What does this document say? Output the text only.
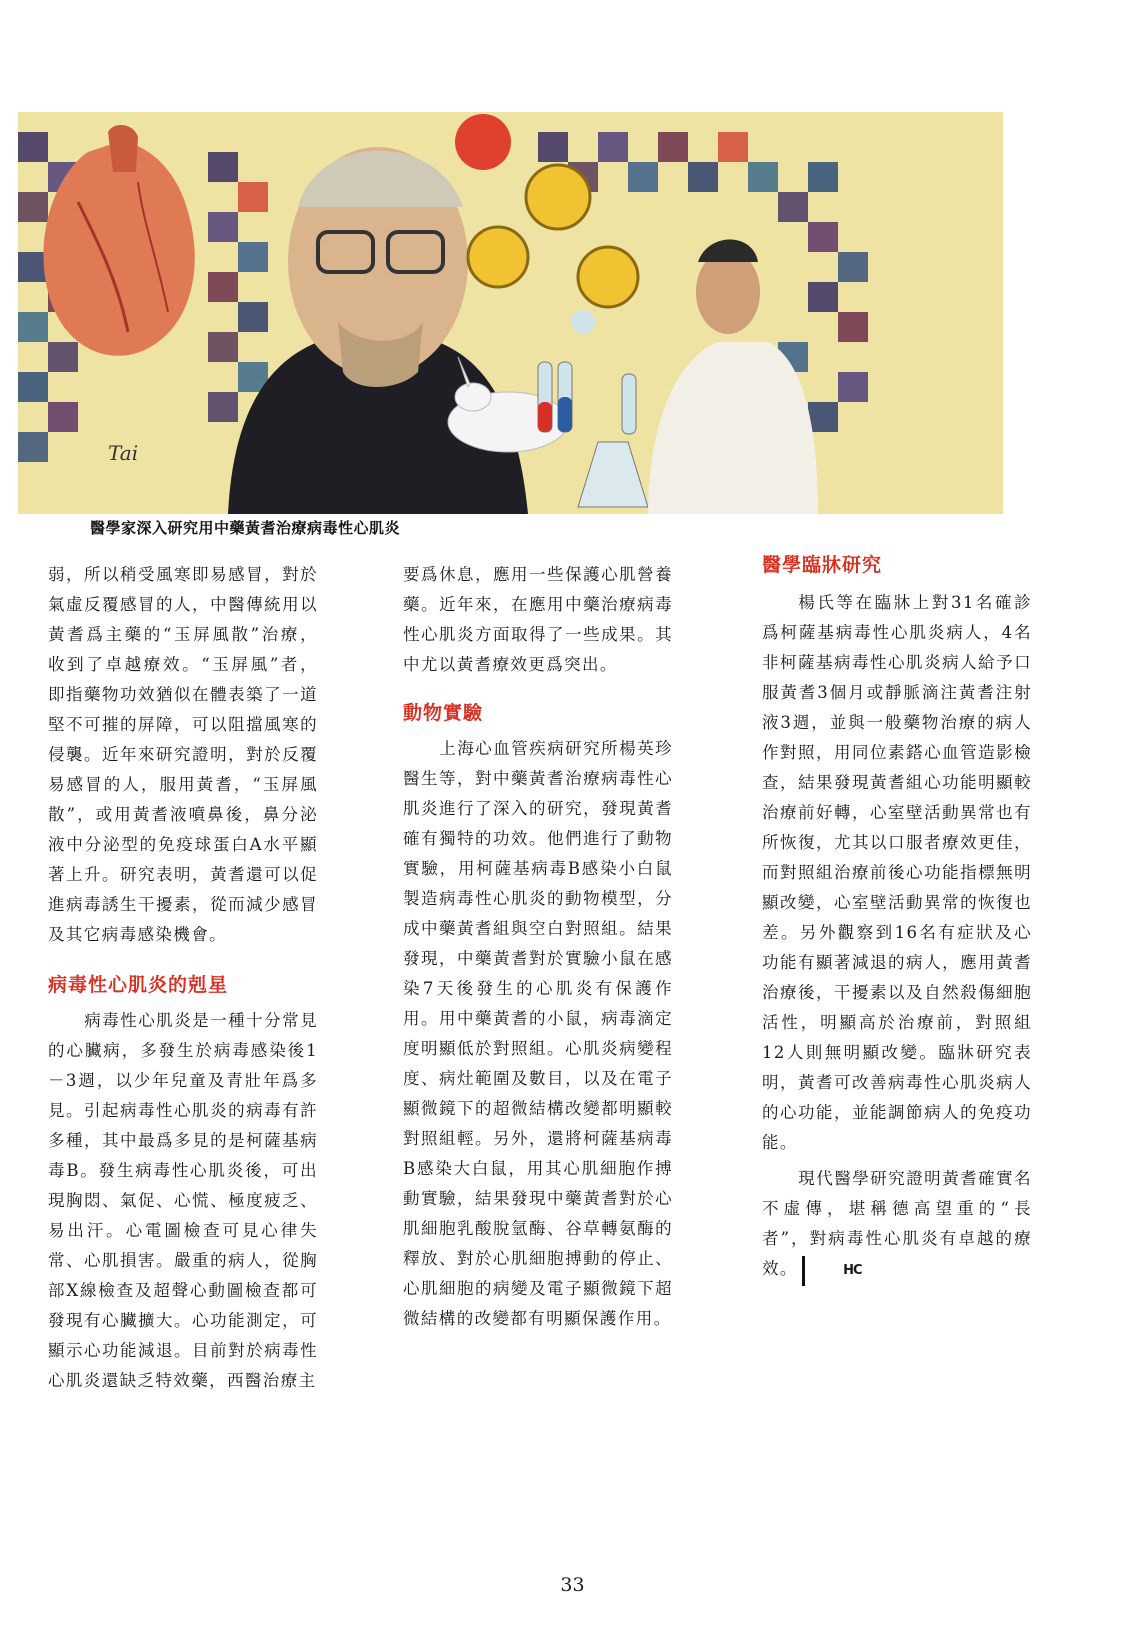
Tai
醫學家深入研究用中藥黃耆治療病毒性心肌炎

弱，所以稍受風寒即易感冒，對於氣虛反覆感冒的人，中醫傳統用以黃耆爲主藥的“玉屏風散”治療，收到了卓越療效。“玉屏風”者，即指藥物功效猶似在體表築了一道堅不可摧的屏障，可以阻擋風寒的侵襲。近年來研究證明，對於反覆易感冒的人，服用黃耆，“玉屏風散”，或用黃耆液噴鼻後，鼻分泌液中分泌型的免疫球蛋白A水平顯著上升。研究表明，黃耆還可以促進病毒誘生干擾素，從而減少感冒及其它病毒感染機會。

病毒性心肌炎的剋星

病毒性心肌炎是一種十分常見的心臟病，多發生於病毒感染後1－3週，以少年兒童及青壯年爲多見。引起病毒性心肌炎的病毒有許多種，其中最爲多見的是柯薩基病毒B。發生病毒性心肌炎後，可出現胸悶、氣促、心慌、極度疲乏、易出汗。心電圖檢查可見心律失常、心肌損害。嚴重的病人，從胸部X線檢查及超聲心動圖檢查都可發現有心臟擴大。心功能測定，可顯示心功能減退。目前對於病毒性心肌炎還缺乏特效藥，西醫治療主

要爲休息，應用一些保護心肌營養藥。近年來，在應用中藥治療病毒性心肌炎方面取得了一些成果。其中尤以黃耆療效更爲突出。

動物實驗

上海心血管疾病研究所楊英珍醫生等，對中藥黃耆治療病毒性心肌炎進行了深入的研究，發現黃耆確有獨特的功效。他們進行了動物實驗，用柯薩基病毒B感染小白鼠製造病毒性心肌炎的動物模型，分成中藥黃耆組與空白對照組。結果發現，中藥黃耆對於實驗小鼠在感染7天後發生的心肌炎有保護作用。用中藥黃耆的小鼠，病毒滴定度明顯低於對照組。心肌炎病變程度、病灶範圍及數目，以及在電子顯微鏡下的超微結構改變都明顯較對照組輕。另外，還將柯薩基病毒B感染大白鼠，用其心肌細胞作搏動實驗，結果發現中藥黃耆對於心肌細胞乳酸脫氫酶、谷草轉氨酶的釋放、對於心肌細胞搏動的停止、心肌細胞的病變及電子顯微鏡下超微結構的改變都有明顯保護作用。

醫學臨牀研究

楊氏等在臨牀上對31名確診爲柯薩基病毒性心肌炎病人，4名非柯薩基病毒性心肌炎病人給予口服黃耆3個月或靜脈滴注黃耆注射液3週，並與一般藥物治療的病人作對照，用同位素鎝心血管造影檢查，結果發現黃耆組心功能明顯較治療前好轉，心室壁活動異常也有所恢復，尤其以口服者療效更佳，而對照組治療前後心功能指標無明顯改變，心室壁活動異常的恢復也差。另外觀察到16名有症狀及心功能有顯著減退的病人，應用黃耆治療後，干擾素以及自然殺傷細胞活性，明顯高於治療前，對照組12人則無明顯改變。臨牀研究表明，黃耆可改善病毒性心肌炎病人的心功能，並能調節病人的免疫功能。

現代醫學研究證明黃耆確實名不虛傳，堪稱德高望重的“長者”，對病毒性心肌炎有卓越的療效。	HC

33
